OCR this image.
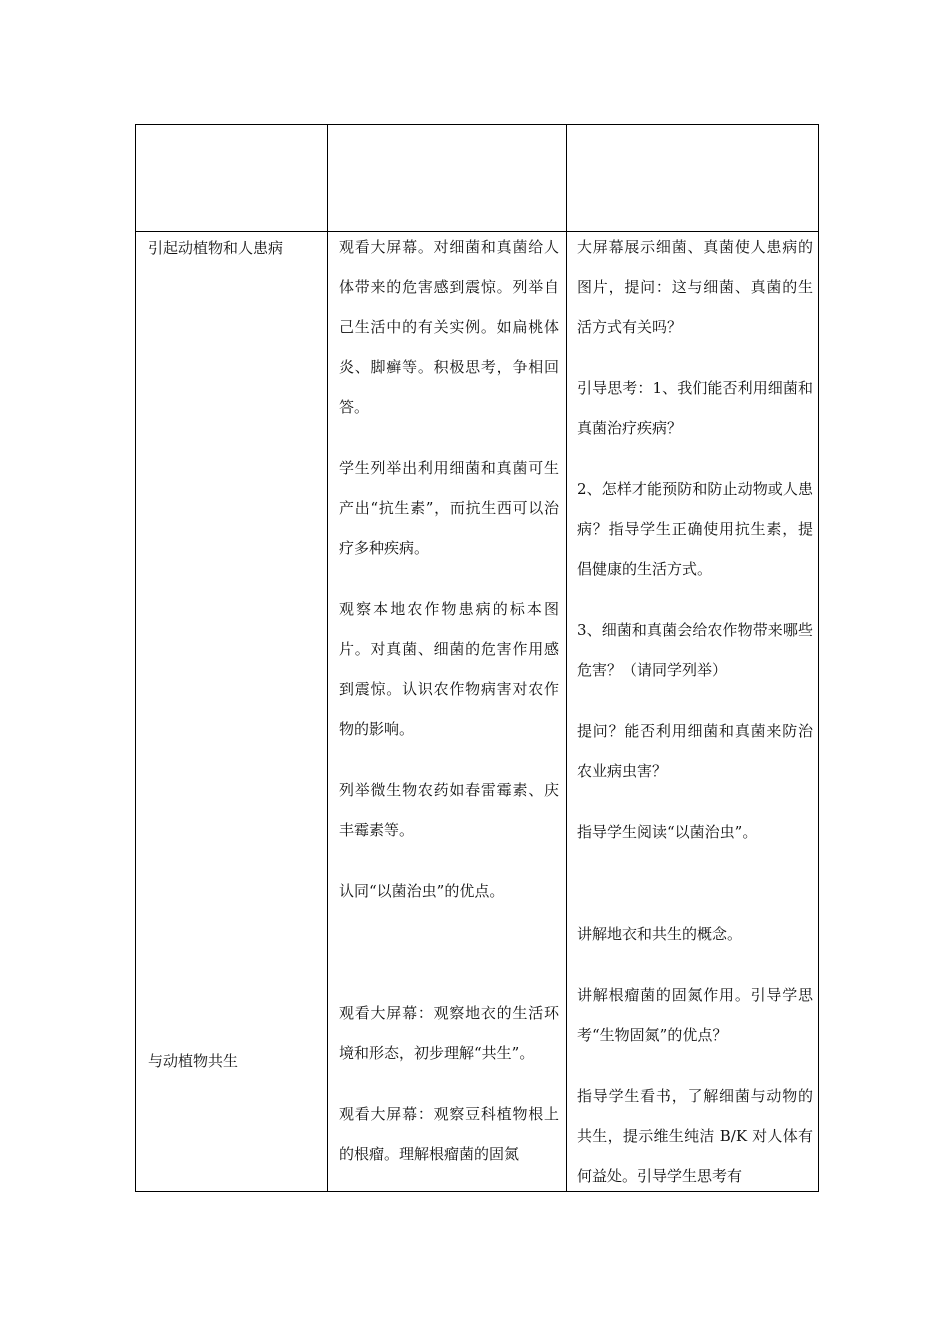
引起动植物和人患病
与动植物共生

观看大屏幕。对细菌和真菌给人体带来的危害感到震惊。列举自己生活中的有关实例。如扁桃体炎、脚癣等。积极思考，争相回答。

学生列举出利用细菌和真菌可生产出“抗生素”，而抗生西可以治疗多种疾病。

观察本地农作物患病的标本图片。对真菌、细菌的危害作用感到震惊。认识农作物病害对农作物的影响。

列举微生物农药如春雷霉素、庆丰霉素等。

认同“以菌治虫”的优点。

观看大屏幕：观察地衣的生活环境和形态，初步理解“共生”。

观看大屏幕：观察豆科植物根上的根瘤。理解根瘤菌的固氮

大屏幕展示细菌、真菌使人患病的图片，提问：这与细菌、真菌的生活方式有关吗？

引导思考：1、我们能否利用细菌和真菌治疗疾病？

2、怎样才能预防和防止动物或人患病？指导学生正确使用抗生素，提倡健康的生活方式。

3、细菌和真菌会给农作物带来哪些危害？（请同学列举）

提问？能否利用细菌和真菌来防治农业病虫害？

指导学生阅读“以菌治虫”。

讲解地衣和共生的概念。

讲解根瘤菌的固氮作用。引导学思考“生物固氮”的优点？

指导学生看书，了解细菌与动物的共生，提示维生纯洁 B/K 对人体有何益处。引导学生思考有
